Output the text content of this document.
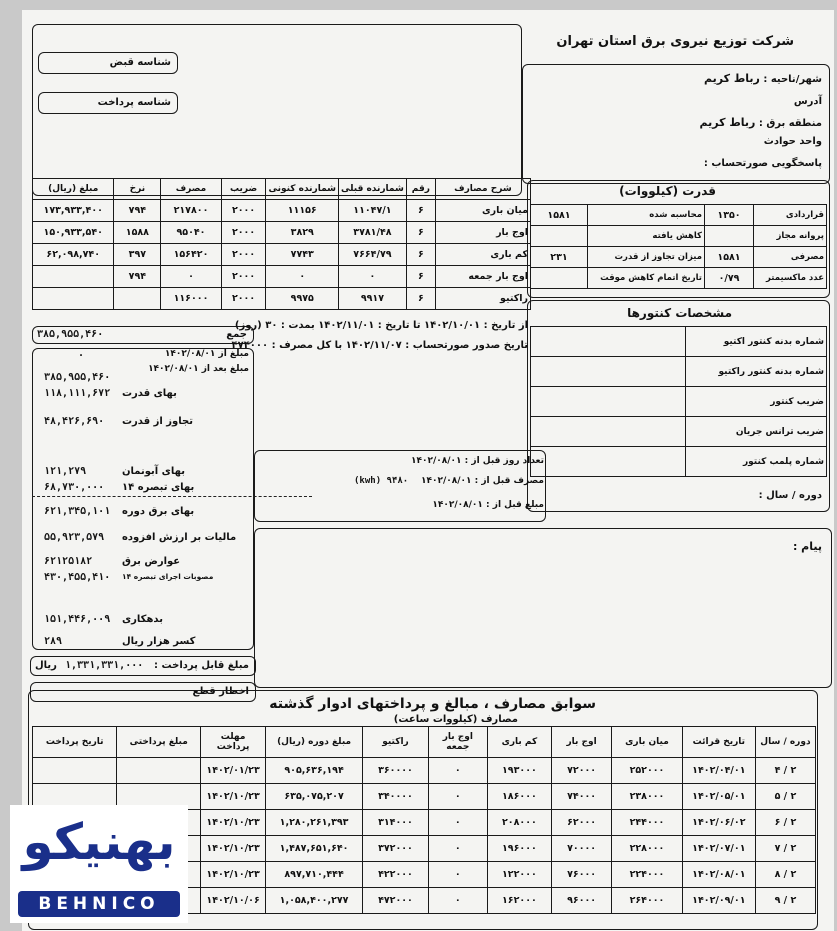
شرکت توزیع نیروی برق استان تهران
شناسه قبض
شناسه پرداخت
شهر/ناحیه : رباط کریم
آدرس
منطقه برق : رباط کریم
واحد حوادث
پاسخگویی صورتحساب :
قدرت (کیلووات)
۱۵۸۱	محاسبه شده	۱۳۵۰	قراردادی
	کاهش یافته		پروانه مجاز
۲۳۱	میزان تجاوز از قدرت	۱۵۸۱	مصرفی
	تاریخ اتمام کاهش موقت	۰/۷۹	عدد ماکسیمتر
مشخصات کنتورها
	شماره بدنه کنتور اکتیو
	شماره بدنه کنتور راکتیو
	ضریب کنتور
	ضریب ترانس جریان
	شماره پلمب کنتور
دوره / سال :
مبلغ (ریال)	نرخ	مصرف	ضریب	شمارنده کنونی	شمارنده قبلی	رقم	شرح مصارف
۱۷۳,۹۳۳,۴۰۰	۷۹۴	۲۱۷۸۰۰	۲۰۰۰	۱۱۱۵۶	۱۱۰۴۷/۱	۶	میان باری
۱۵۰,۹۳۳,۵۴۰	۱۵۸۸	۹۵۰۴۰	۲۰۰۰	۳۸۲۹	۳۷۸۱/۴۸	۶	اوج بار
۶۲,۰۹۸,۷۴۰	۳۹۷	۱۵۶۴۲۰	۲۰۰۰	۷۷۴۳	۷۶۶۴/۷۹	۶	کم باری
	۷۹۴	۰	۲۰۰۰	۰	۰	۶	اوج بار جمعه
		۱۱۶۰۰۰	۲۰۰۰	۹۹۷۵	۹۹۱۷	۶	راکتیو
۳۸۵,۹۵۵,۴۶۰	جمع
از تاریخ : ۱۴۰۲/۱۰/۰۱ تا تاریخ : ۱۴۰۲/۱۱/۰۱ بمدت : ۳۰ (روز)
تاریخ صدور صورتحساب : ۱۴۰۲/۱۱/۰۷ با کل مصرف : ۴۷۴۰۰۰
مبلغ از ۱۴۰۲/۰۸/۰۱
مبلغ بعد از ۱۴۰۲/۰۸/۰۱
۰
۳۸۵,۹۵۵,۴۶۰
۱۱۸,۱۱۱,۶۷۲ بهای قدرت
۴۸,۴۲۶,۶۹۰ تجاوز از قدرت
۱۲۱,۲۷۹	بهای آبونمان
۶۸,۷۳۰,۰۰۰ بهای تبصره ۱۴
۶۲۱,۳۴۵,۱۰۱ بهای برق دوره
۵۵,۹۲۳,۵۷۹ مالیات بر ارزش افزوده
۶۲۱۲۵۱۸۲	عوارض برق
۴۳۰,۴۵۵,۴۱۰ مصوبات اجرای تبصره ۱۴
۱۵۱,۴۴۶,۰۰۹ بدهکاری
۲۸۹	کسر هزار ریال
مبلغ قابل پرداخت :
۱,۳۳۱,۳۳۱,۰۰۰
ریال
اخطار قطع
تعداد روز قبل از : ۱۴۰۲/۰۸/۰۱
مصرف قبل از : ۱۴۰۲/۰۸/۰۱
۹۴۸۰ (kwh)
مبلغ قبل از : ۱۴۰۲/۰۸/۰۱
پیام :
سوابق مصارف ، مبالغ و پرداختهای ادوار گذشته
مصارف (کیلووات ساعت)
تاریخ پرداخت	مبلغ پرداختی	مهلت پرداخت	مبلغ دوره (ریال)	راکتیو	اوج بار جمعه	کم باری	اوج بار	میان باری	تاریخ قرائت	دوره / سال
		۱۴۰۲/۰۱/۲۳	۹۰۵,۶۳۶,۱۹۴	۳۶۰۰۰۰	۰	۱۹۳۰۰۰	۷۲۰۰۰	۲۵۲۰۰۰	۱۴۰۲/۰۴/۰۱	۲ / ۴
		۱۴۰۲/۱۰/۲۳	۶۳۵,۰۷۵,۲۰۷	۳۴۰۰۰۰	۰	۱۸۶۰۰۰	۷۴۰۰۰	۲۳۸۰۰۰	۱۴۰۲/۰۵/۰۱	۲ / ۵
		۱۴۰۲/۱۰/۲۳	۱,۲۸۰,۲۶۱,۳۹۳	۳۱۴۰۰۰	۰	۲۰۸۰۰۰	۶۲۰۰۰	۲۴۴۰۰۰	۱۴۰۲/۰۶/۰۲	۲ / ۶
		۱۴۰۲/۱۰/۲۳	۱,۴۸۷,۶۵۱,۶۴۰	۳۷۲۰۰۰	۰	۱۹۶۰۰۰	۷۰۰۰۰	۲۲۸۰۰۰	۱۴۰۲/۰۷/۰۱	۲ / ۷
		۱۴۰۲/۱۰/۲۳	۸۹۷,۷۱۰,۴۴۴	۴۲۲۰۰۰	۰	۱۲۲۰۰۰	۷۶۰۰۰	۲۲۴۰۰۰	۱۴۰۲/۰۸/۰۱	۲ / ۸
		۱۴۰۲/۱۰/۰۶	۱,۰۵۸,۴۰۰,۲۷۷	۴۷۲۰۰۰	۰	۱۶۲۰۰۰	۹۶۰۰۰	۲۶۴۰۰۰	۱۴۰۲/۰۹/۰۱	۲ / ۹
بهنیکو
BEHNICO
